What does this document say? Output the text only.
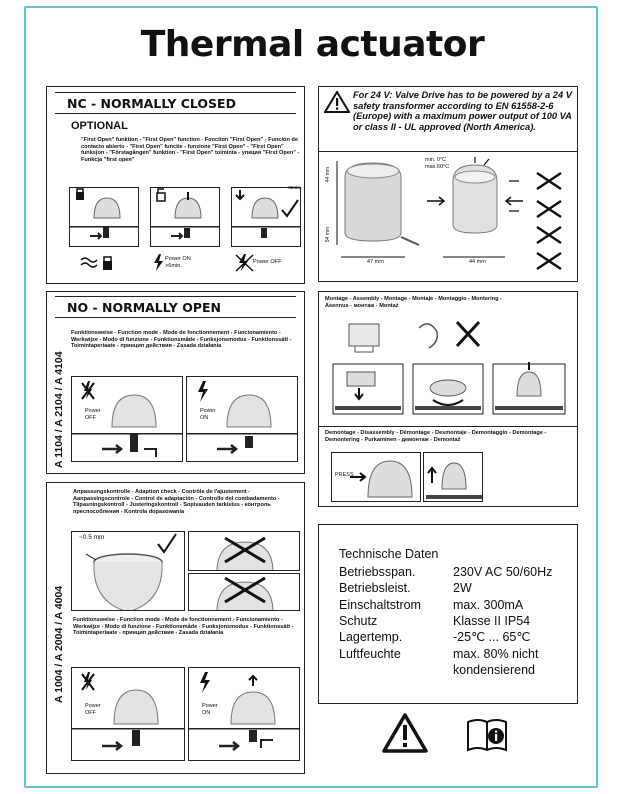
Thermal actuator
NC - NORMALLY CLOSED
OPTIONAL
"First Open" funktion - "First Open" function - Fonction "First Open" - Función de contacto abierto - "First Open" functie - funzione "First Open" - "First Open" funksjon - "Förstagången" funktion - "First Open" toiminta - упкция "First Open" - Funkcja "first open"
<6min.
Power ON
>6min.
Power OFF
NO - NORMALLY OPEN
A 1104 / A 2104 / A 4104
Funktionsweise - Function mode - Mode de fonctionnement - Funcionamiento - Werkwijze - Modo di funzione - Funktionsmåde - Funksjonsmodus - Funktionssätt - Toimintaperiaate - принцип действия - Zasada działania
Power OFF
Power ON
A 1004 / A 2004 / A 4004
Anpassungskontrolle - Adaption check - Contrôle de l'ajustement - Aanpassingscontrole - Control de adaptación - Controllo del combadamento - Tilpasningskontroll - Justeringskontroll - Sopivauden tarkistus - контроль преспособления - Kontrola dopasowania
~0.5 mm
Funktionsweise - Function mode - Mode de fonctionnement - Funcionamiento - Werkwijze - Modo di funzione - Funktionsmåde - Funksjonsmodus - Funktionssätt - Toimintaperiaate - принцип действия - Zasada działania
Power OFF
Power ON
For 24 V: Valve Drive has to be powered by a 24 V safety transformer according to EN 61558-2-6 (Europe) with a maximum power output of 100 VA or class II - UL approved (North America).
min. 0°C
max.60°C
44 mm
54 mm
47 mm	44 mm
Montage - Assembly - Montage - Montaje - Montaggio - Montering - Asennus - монтаж - Montaż
Demontage - Disassembly - Démontage - Desmontaje - Demontaggio - Demontage - Demontering - Purkaminen - демонтаж - Demontaż
PRESS
Technische Daten
Betriebsspan.	230V AC 50/60Hz
Betriebsleist.	2W
Einschaltstrom	max. 300mA
Schutz	Klasse II IP54
Lagertemp.	-25℃ ... 65℃
Luftfeuchte	max. 80% nicht
kondensierend
